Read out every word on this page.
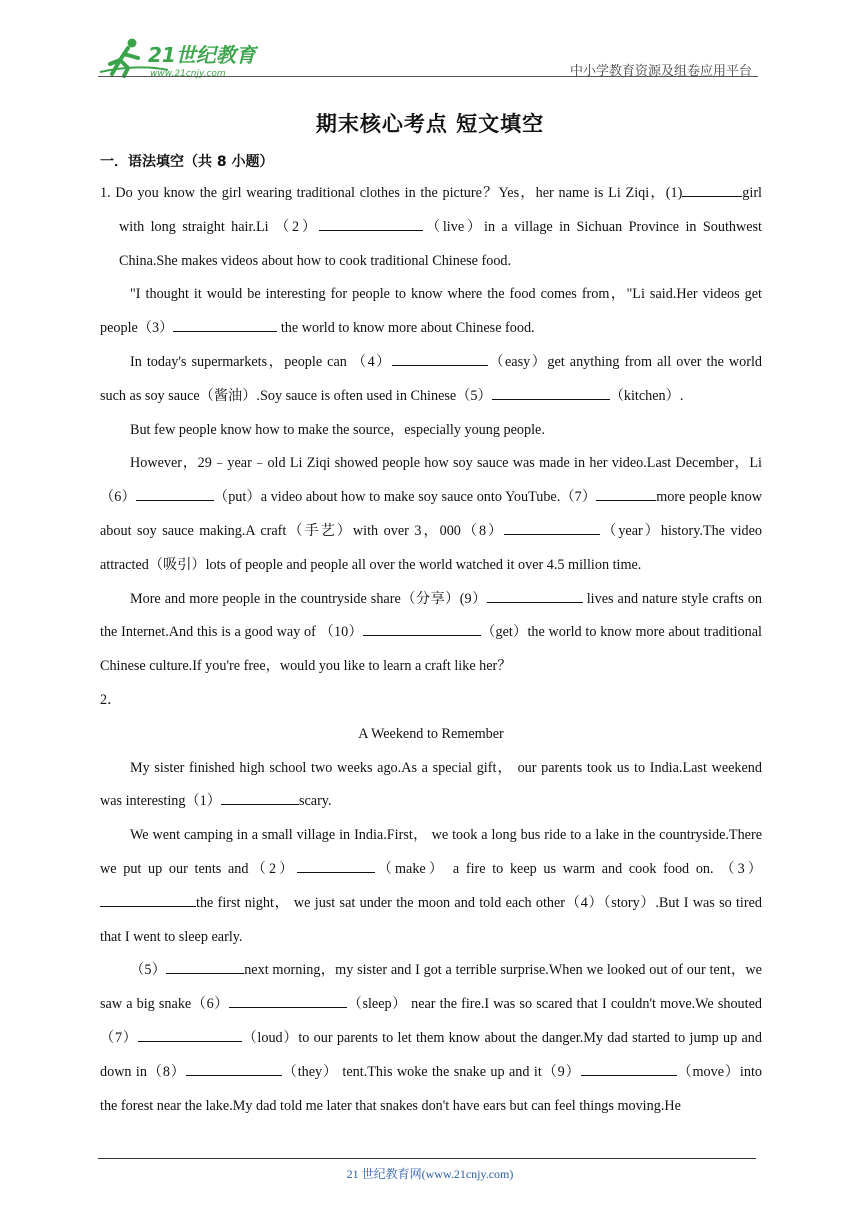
21世纪教育
www.21cnjy.com	中小学教育资源及组卷应用平台
期末核心考点 短文填空
一．语法填空（共 8 小题）

1. Do you know the girl wearing traditional clothes in the picture？Yes，her name is Li Ziqi，(1)	girl with long straight hair.Li （2）	（live）in a village in Sichuan Province in Southwest China.She makes videos about how to cook traditional Chinese food.

"I thought it would be interesting for people to know where the food comes from，"Li said.Her videos get people（3）	the world to know more about Chinese food.

In today's supermarkets，people can （4）	（easy）get anything from all over the world such as soy sauce（酱油）.Soy sauce is often used in Chinese（5）	（kitchen）.

But few people know how to make the source，especially young people.

However，29﹣year﹣old Li Ziqi showed people how soy sauce was made in her video.Last December，Li（6）	（put）a video about how to make soy sauce onto YouTube.（7）	more people know about soy sauce making.A craft（手艺）with over 3，000（8）	（year）history.The video attracted（吸引）lots of people and people all over the world watched it over 4.5 million time.

More and more people in the countryside share（分享）(9）	lives and nature style crafts on the Internet.And this is a good way of （10）	（get）the world to know more about traditional Chinese culture.If you're free，would you like to learn a craft like her？

2．

A Weekend to Remember

My sister finished high school two weeks ago.As a special gift， our parents took us to India.Last weekend was interesting（1）	scary.

We went camping in a small village in India.First， we took a long bus ride to a lake in the countryside.There we put up our tents and（2）	（make） a fire to keep us warm and cook food on. （3）the first night， we just sat under the moon and told each other（4）（story）.But I was so tired that I went to sleep early.

（5）	next morning，my sister and I got a terrible surprise.When we looked out of our tent，we saw a big snake（6）	（sleep） near the fire.I was so scared that I couldn't move.We shouted（7）	（loud）to our parents to let them know about the danger.My dad started to jump up and down in（8）	（they） tent.This woke the snake up and it（9）	（move）into the forest near the lake.My dad told me later that snakes don't have ears but can feel things moving.He

21 世纪教育网(www.21cnjy.com)
